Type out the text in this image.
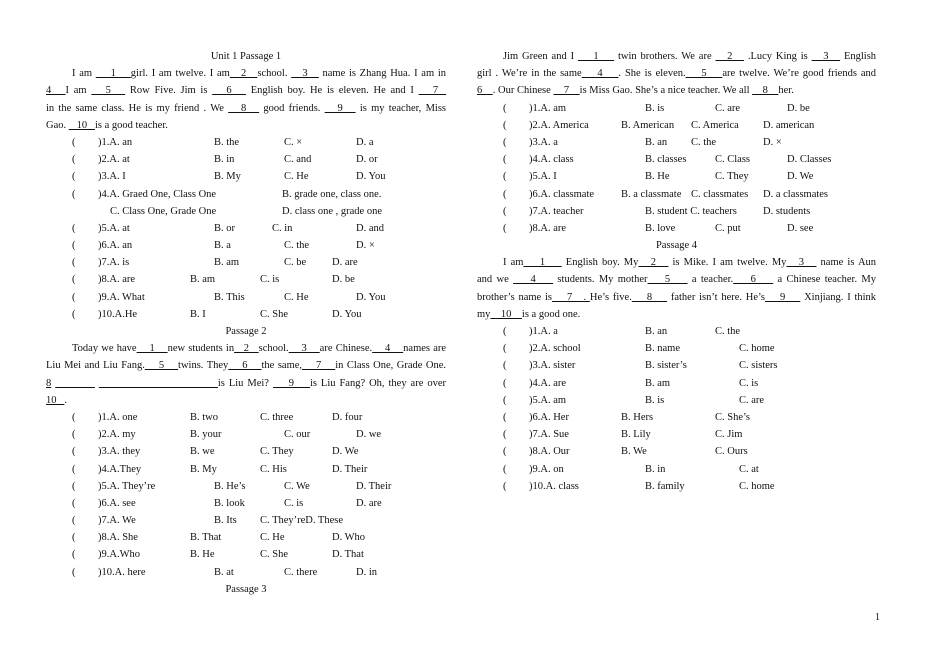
Unit 1 Passage 1
I am     1    girl. I am twelve. I am   2   school.    3    name is Zhang Hua. I am in
4   I am    5    Row Five. Jim is    6    English boy. He is eleven. He and I    7
in the same class. He is my friend . We    8    good friends.    9    is my teacher, Miss
Gao.    10   is a good teacher.
( )1.A. an	B. the	C. ×	D. a
( )2.A. at	B. in	C. and	D. or
( )3.A. I	B. My	C. He	D. You
( )4.A. Graed One, Class One	B. grade one, class one.
C. Class One, Grade One	D. class one , grade one
( )5.A. at	B. or	C. in	D. and
( )6.A. an	B. a	C. the	D. ×
( )7.A. is	B. am	C. be D. are
( )8.A. are	B. am	C. is	D. be
( )9.A. What	B. This	C. He	D. You
( )10.A.He	B. I	C. She	D. You
Passage 2
Today we have    1    new students in   2   school.    3    are Chinese.    4    names are
Liu Mei and Liu Fang.    5    twins. They    6    the same,    7    in Class One, Grade One.
8	is Liu Mei?     9    is Liu Fang? Oh, they are over
10   .
( )1.A. one	B. two	C. three	D. four
( )2.A. my	B. your	C. our	D. we
( )3.A. they	B. we	C. They	D. We
( )4.A.They	B. My	C. His	D. Their
( )5.A. They’re	B. He’s	C. We	D. Their
( )6.A. see	B. look	C. is	D. are
( )7.A. We	B. Its C. They’reD. These
( )8.A. She	B. That	C. He	D. Who
( )9.A.Who	B. He	C. She	D. That
( )10.A. here	B. at	C. there	D. in
Passage 3
Jim Green and I     1     twin brothers. We are    2    .Lucy King is    3    English
girl . We’re in the same    4    . She is eleven.    5    are twelve. We’re good friends and
6    . Our Chinese     7    is Miss Gao. She’s a nice teacher. We all     8    her.
( )1.A. am	B. is	C. are	D. be
( )2.A. America	B. American C. America D. american
( )3.A. a	B. an C. the	D. ×
( )4.A. class	B. classes	C. Class	D. Classes
( )5.A. I	B. He	C. They	D. We
( )6.A. classmate	B. a classmate C. classmates D. a classmates
( )7.A. teacher	B. student C. teachers D. students
( )8.A. are	B. love	C. put	D. see
Passage 4
I am    1     English boy. My   2    is Mike. I am twelve. My   3    name is Aun
and we     4     students. My mother    5     a teacher.    6     a Chinese teacher. My
brother’s name is    7   . He’s five.    8     father isn’t here. He’s    9     Xinjiang. I think
my    10    is a good one.
( )1.A. a	B. an	C. the
( )2.A. school	B. name	C. home
( )3.A. sister	B. sister’s	C. sisters
( )4.A. are	B. am	C. is
( )5.A. am	B. is	C. are
( )6.A. Her	B. Hers	C. She’s
( )7.A. Sue	B. Lily	C. Jim
( )8.A. Our	B. We	C. Ours
( )9.A. on	B. in	C. at
( )10.A. class	B. family	C. home
1
